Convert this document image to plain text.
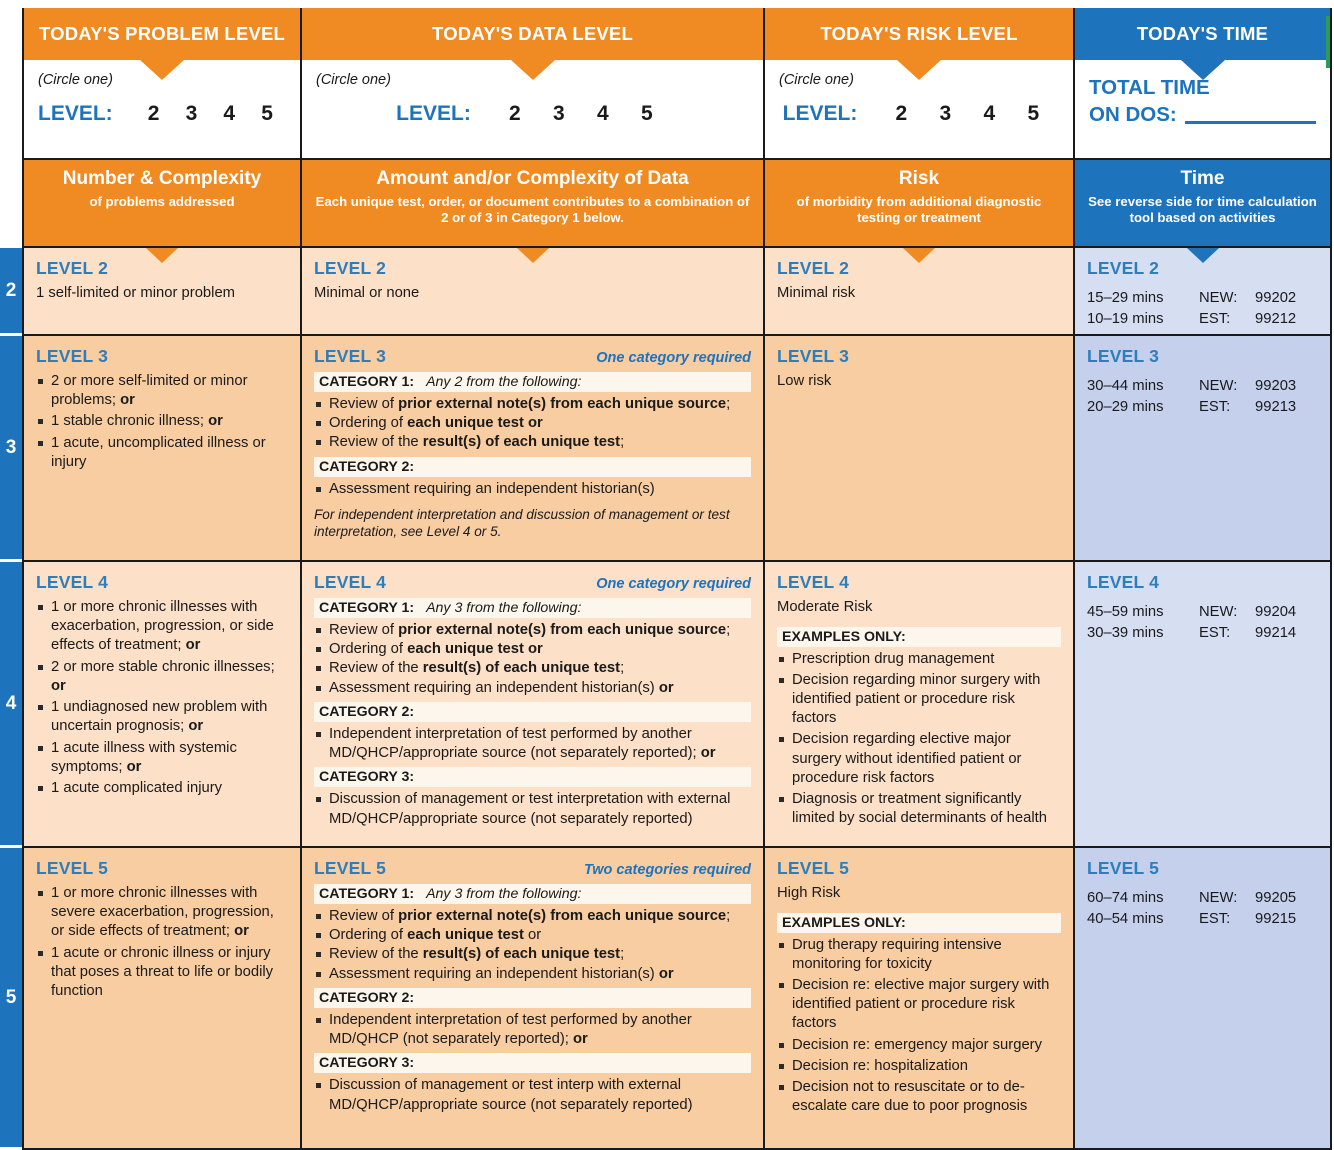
TODAY'S PROBLEM LEVEL
(Circle one)
LEVEL:	2	3	4	5
TODAY'S DATA LEVEL
(Circle one)
LEVEL:	2	3	4	5
TODAY'S RISK LEVEL
(Circle one)
LEVEL:	2	3	4	5
TODAY'S TIME
TOTAL TIME
ON DOS:
2
3
4
5
Number & Complexity
of problems addressed
Amount and/or Complexity of Data
Each unique test, order, or document contributes to a combination of 2 or of 3 in Category 1 below.
Risk
of morbidity from additional diagnostic testing or treatment
Time
See reverse side for time calculation tool based on activities
LEVEL 2
1 self-limited or minor problem
LEVEL 2
Minimal or none
LEVEL 2
Minimal risk
LEVEL 2
15–29 mins	NEW:	99202
10–19 mins	EST:	99212
LEVEL 3
2 or more self-limited or minor problems; or
1 stable chronic illness; or
1 acute, uncomplicated illness or injury
LEVEL 3	One category required
CATEGORY 1: Any 2 from the following:
Review of prior external note(s) from each unique source;
Ordering of each unique test or
Review of the result(s) of each unique test;
CATEGORY 2:
Assessment requiring an independent historian(s)
For independent interpretation and discussion of management or test interpretation, see Level 4 or 5.
LEVEL 3
Low risk
LEVEL 3
30–44 mins	NEW:	99203
20–29 mins	EST:	99213
LEVEL 4
1 or more chronic illnesses with exacerbation, progression, or side effects of treatment; or
2 or more stable chronic illnesses; or
1 undiagnosed new problem with uncertain prognosis; or
1 acute illness with systemic symptoms; or
1 acute complicated injury
LEVEL 4	One category required
CATEGORY 1: Any 3 from the following:
Review of prior external note(s) from each unique source;
Ordering of each unique test or
Review of the result(s) of each unique test;
Assessment requiring an independent historian(s) or
CATEGORY 2:
Independent interpretation of test performed by another MD/QHCP/appropriate source (not separately reported); or
CATEGORY 3:
Discussion of management or test interpretation with external MD/QHCP/appropriate source (not separately reported)
LEVEL 4
Moderate Risk
EXAMPLES ONLY:
Prescription drug management
Decision regarding minor surgery with identified patient or procedure risk factors
Decision regarding elective major surgery without identified patient or procedure risk factors
Diagnosis or treatment significantly limited by social determinants of health
LEVEL 4
45–59 mins	NEW:	99204
30–39 mins	EST:	99214
LEVEL 5
1 or more chronic illnesses with severe exacerbation, progression, or side effects of treatment; or
1 acute or chronic illness or injury that poses a threat to life or bodily function
LEVEL 5	Two categories required
CATEGORY 1: Any 3 from the following:
Review of prior external note(s) from each unique source;
Ordering of each unique test or
Review of the result(s) of each unique test;
Assessment requiring an independent historian(s) or
CATEGORY 2:
Independent interpretation of test performed by another MD/QHCP (not separately reported); or
CATEGORY 3:
Discussion of management or test interp with external MD/QHCP/appropriate source (not separately reported)
LEVEL 5
High Risk
EXAMPLES ONLY:
Drug therapy requiring intensive monitoring for toxicity
Decision re: elective major surgery with identified patient or procedure risk factors
Decision re: emergency major surgery
Decision re: hospitalization
Decision not to resuscitate or to de-escalate care due to poor prognosis
LEVEL 5
60–74 mins	NEW:	99205
40–54 mins	EST:	99215
